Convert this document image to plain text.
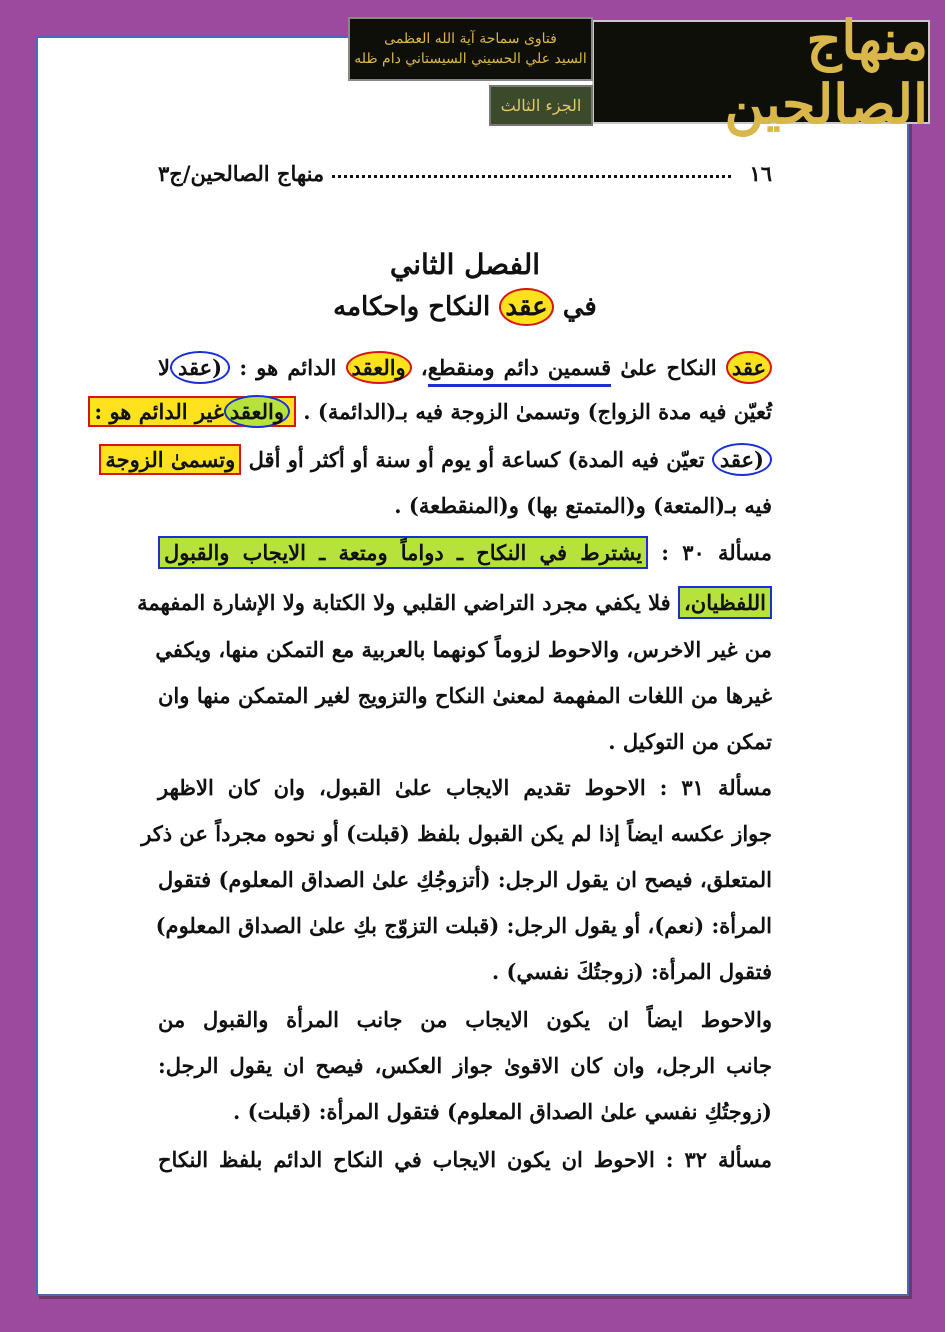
منهاج الصالحين
فتاوى سماحة آية الله العظمى
السيد علي الحسيني السيستاني دام ظله
الجزء الثالث
١٦
منهاج الصالحين/ج٣
الفصل الثاني
في عقد النكاح واحكامه
عقد النكاح علىٰ قسمين دائم ومنقطع، والعقد الدائم هو : (عقدلا
تُعيّن فيه مدة الزواج) وتسمىٰ الزوجة فيه بـ(الدائمة) . والعقدغير الدائم هو :
(عقد تعيّن فيه المدة) كساعة أو يوم أو سنة أو أكثر أو أقل وتسمىٰ الزوجة
فيه بـ(المتعة) و(المتمتع بها) و(المنقطعة) .
مسألة ٣٠ : يشترط في النكاح ـ دواماً ومتعة ـ الايجاب والقبول
اللفظيان، فلا يكفي مجرد التراضي القلبي ولا الكتابة ولا الإشارة المفهمة
من غير الاخرس، والاحوط لزوماً كونهما بالعربية مع التمكن منها، ويكفي
غيرها من اللغات المفهمة لمعنىٰ النكاح والتزويج لغير المتمكن منها وان
تمكن من التوكيل .
مسألة ٣١ : الاحوط تقديم الايجاب علىٰ القبول، وان كان الاظهر
جواز عكسه ايضاً إذا لم يكن القبول بلفظ (قبلت) أو نحوه مجرداً عن ذكر
المتعلق، فيصح ان يقول الرجل: (أتزوجُكِ علىٰ الصداق المعلوم) فتقول
المرأة: (نعم)، أو يقول الرجل: (قبلت التزوّج بكِ علىٰ الصداق المعلوم)
فتقول المرأة: (زوجتُكَ نفسي) .
والاحوط ايضاً ان يكون الايجاب من جانب المرأة والقبول من
جانب الرجل، وان كان الاقوىٰ جواز العكس، فيصح ان يقول الرجل:
(زوجتُكِ نفسي علىٰ الصداق المعلوم) فتقول المرأة: (قبلت) .
مسألة ٣٢ : الاحوط ان يكون الايجاب في النكاح الدائم بلفظ النكاح
